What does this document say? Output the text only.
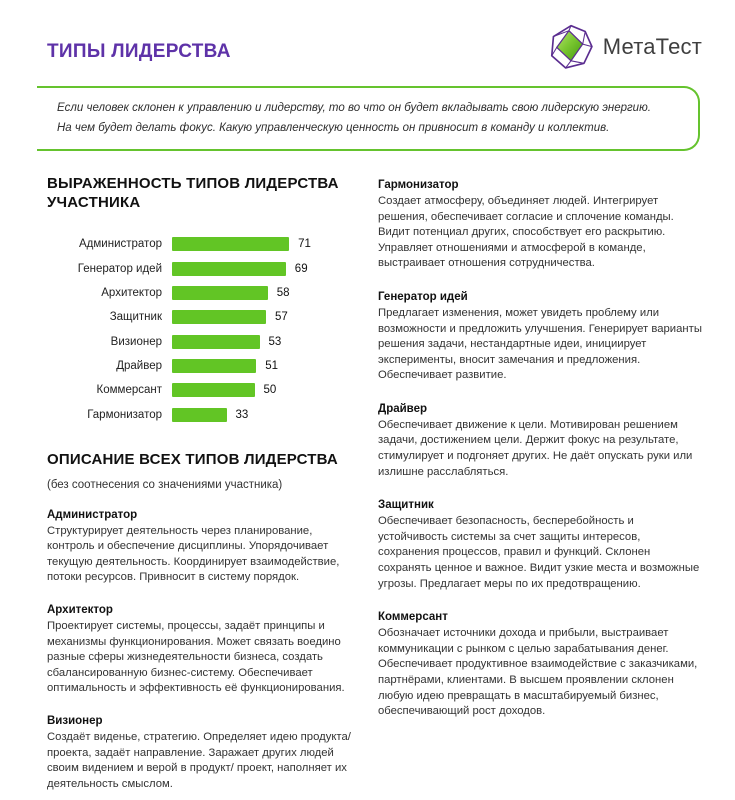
ТИПЫ ЛИДЕРСТВА	МетаТест

Если человек склонен к управлению и лидерству, то во что он будет вкладывать свою лидерскую энергию. На чем будет делать фокус. Какую управленческую ценность он привносит в команду и коллектив.

ВЫРАЖЕННОСТЬ ТИПОВ ЛИДЕРСТВА УЧАСТНИКА
Администратор	71
Генератор идей	69
Архитектор	58
Защитник	57
Визионер	53
Драйвер	51
Коммерсант	50
Гармонизатор	33
ОПИСАНИЕ ВСЕХ ТИПОВ ЛИДЕРСТВА

(без соотнесения со значениями участника)

Администратор

Структурирует деятельность через планирование, контроль и обеспечение дисциплины. Упорядочивает текущую деятельность. Координирует взаимодействие, потоки ресурсов. Привносит в систему порядок.

Архитектор

Проектирует системы, процессы, задаёт принципы и механизмы функционирования. Может связать воедино разные сферы жизнедеятельности бизнеса, создать сбалансированную бизнес-систему. Обеспечивает оптимальность и эффективность её функционирования.

Визионер

Создаёт виденье, стратегию. Определяет идею продукта/ проекта, задаёт направление. Заражает других людей своим видением и верой в продукт/ проект, наполняет их деятельность смыслом.

Гармонизатор

Создает атмосферу, объединяет людей. Интегрирует решения, обеспечивает согласие и сплочение команды. Видит потенциал других, способствует его раскрытию. Управляет отношениями и атмосферой в команде, выстраивает отношения сотрудничества.

Генератор идей

Предлагает изменения, может увидеть проблему или возможности и предложить улучшения. Генерирует варианты решения задачи, нестандартные идеи, инициирует эксперименты, вносит замечания и предложения. Обеспечивает развитие.

Драйвер

Обеспечивает движение к цели. Мотивирован решением задачи, достижением цели. Держит фокус на результате, стимулирует и подгоняет других. Не даёт опускать руки или излишне расслабляться.

Защитник

Обеспечивает безопасность, бесперебойность и устойчивость системы за счет защиты интересов, сохранения процессов, правил и функций. Склонен сохранять ценное и важное. Видит узкие места и возможные угрозы. Предлагает меры по их предотвращению.

Коммерсант

Обозначает источники дохода и прибыли, выстраивает коммуникации с рынком с целью зарабатывания денег. Обеспечивает продуктивное взаимодействие с заказчиками, партнёрами, клиентами. В высшем проявлении склонен любую идею превращать в масштабируемый бизнес, обеспечивающий рост доходов.
